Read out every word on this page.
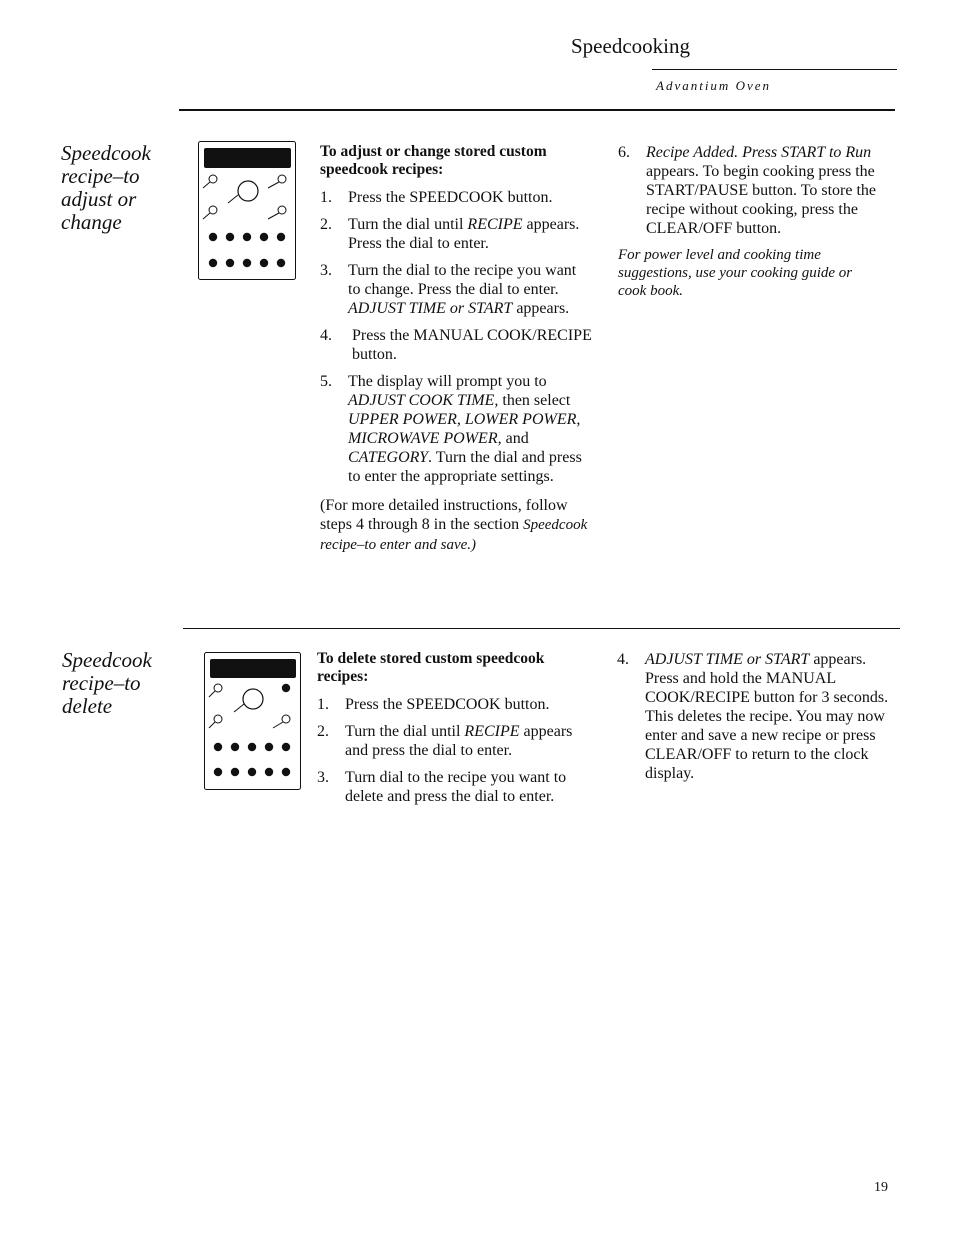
Speedcooking
Advantium Oven
Speedcook recipe–to adjust or change
To adjust or change stored custom speedcook recipes:
1. Press the SPEEDCOOK button.
2. Turn the dial until RECIPE appears. Press the dial to enter.
3. Turn the dial to the recipe you want to change. Press the dial to enter. ADJUST TIME or START appears.
4. Press the MANUAL COOK/RECIPE button.
5. The display will prompt you to ADJUST COOK TIME, then select UPPER POWER, LOWER POWER, MICROWAVE POWER, and CATEGORY. Turn the dial and press to enter the appropriate settings.
(For more detailed instructions, follow steps 4 through 8 in the section Speedcook recipe–to enter and save.)
6. Recipe Added. Press START to Run appears. To begin cooking press the START/PAUSE button. To store the recipe without cooking, press the CLEAR/OFF button.
For power level and cooking time suggestions, use your cooking guide or cook book.
Speedcook recipe–to delete
To delete stored custom speedcook recipes:
1. Press the SPEEDCOOK button.
2. Turn the dial until RECIPE appears and press the dial to enter.
3. Turn dial to the recipe you want to delete and press the dial to enter.
4. ADJUST TIME or START appears. Press and hold the MANUAL COOK/RECIPE button for 3 seconds. This deletes the recipe. You may now enter and save a new recipe or press CLEAR/OFF to return to the clock display.
19
